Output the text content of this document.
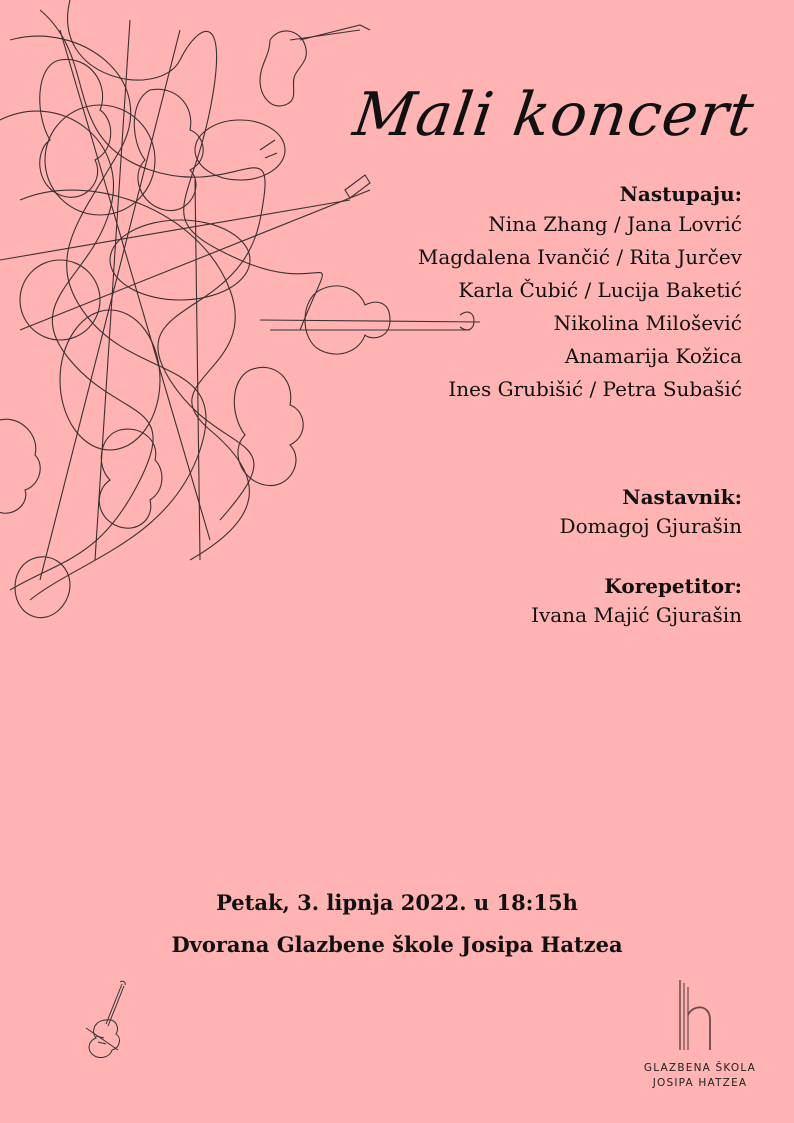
Mali koncert
Nastupaju:
Nina Zhang / Jana Lovrić
Magdalena Ivančić / Rita Jurčev
Karla Čubić / Lucija Baketić
Nikolina Milošević
Anamarija Kožica
Ines Grubišić / Petra Subašić
Nastavnik:
Domagoj Gjurašin
Korepetitor:
Ivana Majić Gjurašin
Petak, 3. lipnja 2022. u 18:15h
Dvorana Glazbene škole Josipa Hatzea
GLAZBENA ŠKOLA
JOSIPA HATZEA
